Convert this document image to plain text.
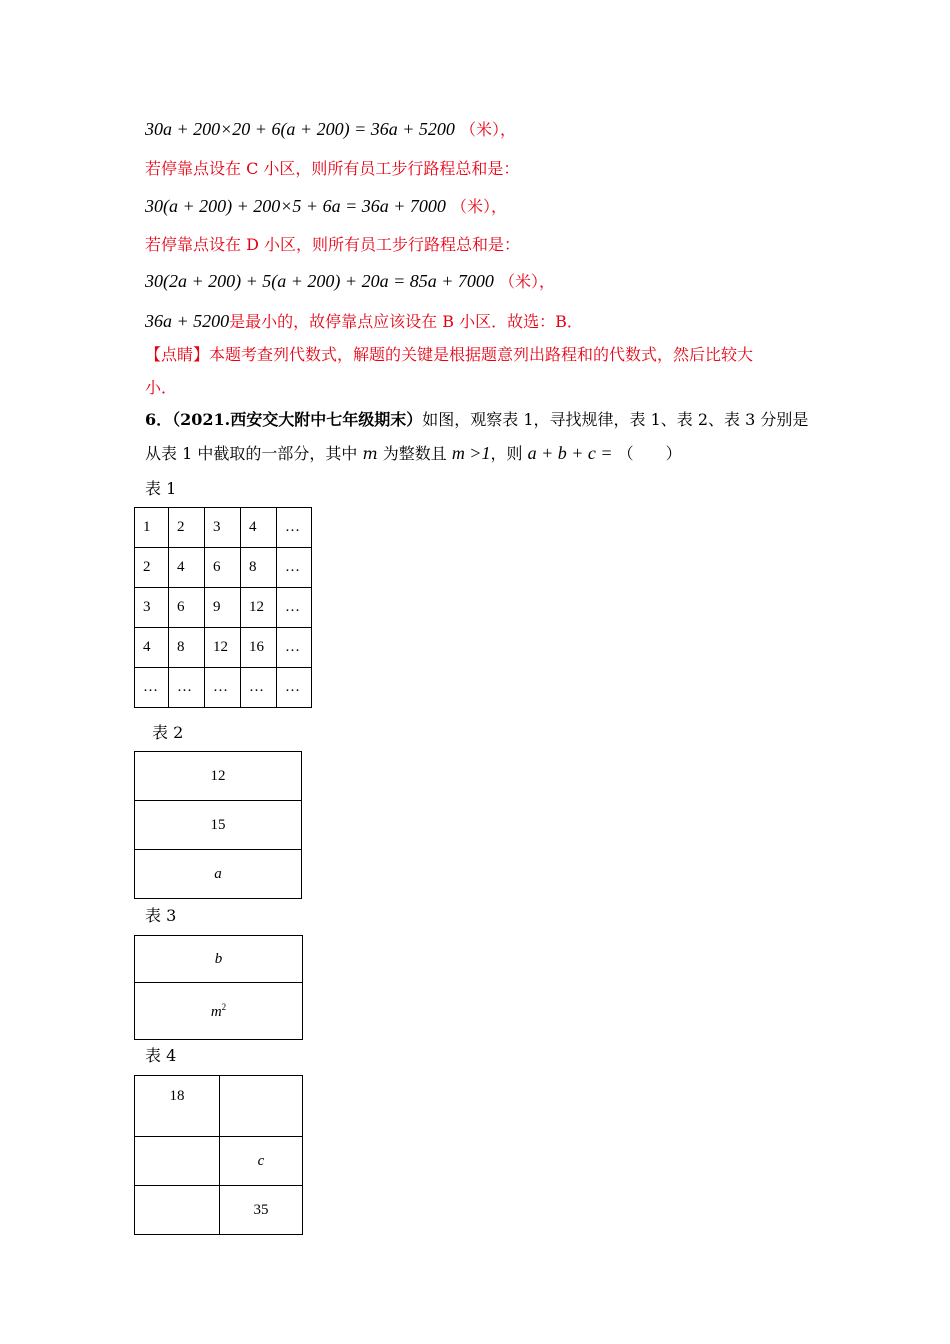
30a + 200×20 + 6(a + 200) = 36a + 5200 （米），
若停靠点设在 C 小区，则所有员工步行路程总和是：
30(a + 200) + 200×5 + 6a = 36a + 7000 （米），
若停靠点设在 D 小区，则所有员工步行路程总和是：
30(2a + 200) + 5(a + 200) + 20a = 85a + 7000 （米），
36a + 5200是最小的，故停靠点应该设在 B 小区．故选：B．
【点睛】本题考查列代数式，解题的关键是根据题意列出路程和的代数式，然后比较大
小．
6．（2021.西安交大附中七年级期末）如图，观察表 1，寻找规律，表 1、表 2、表 3 分别是
从表 1 中截取的一部分，其中 m 为整数且 m >1，则 a + b + c = （　　）
表 1
1	2	3	4	…
2	4	6	8	…
3	6	9	12	…
4	8	12	16	…
…	…	…	…	…
表 2
12
15
a
表 3
b
$m^2$
表 4
18	
	c
	35
